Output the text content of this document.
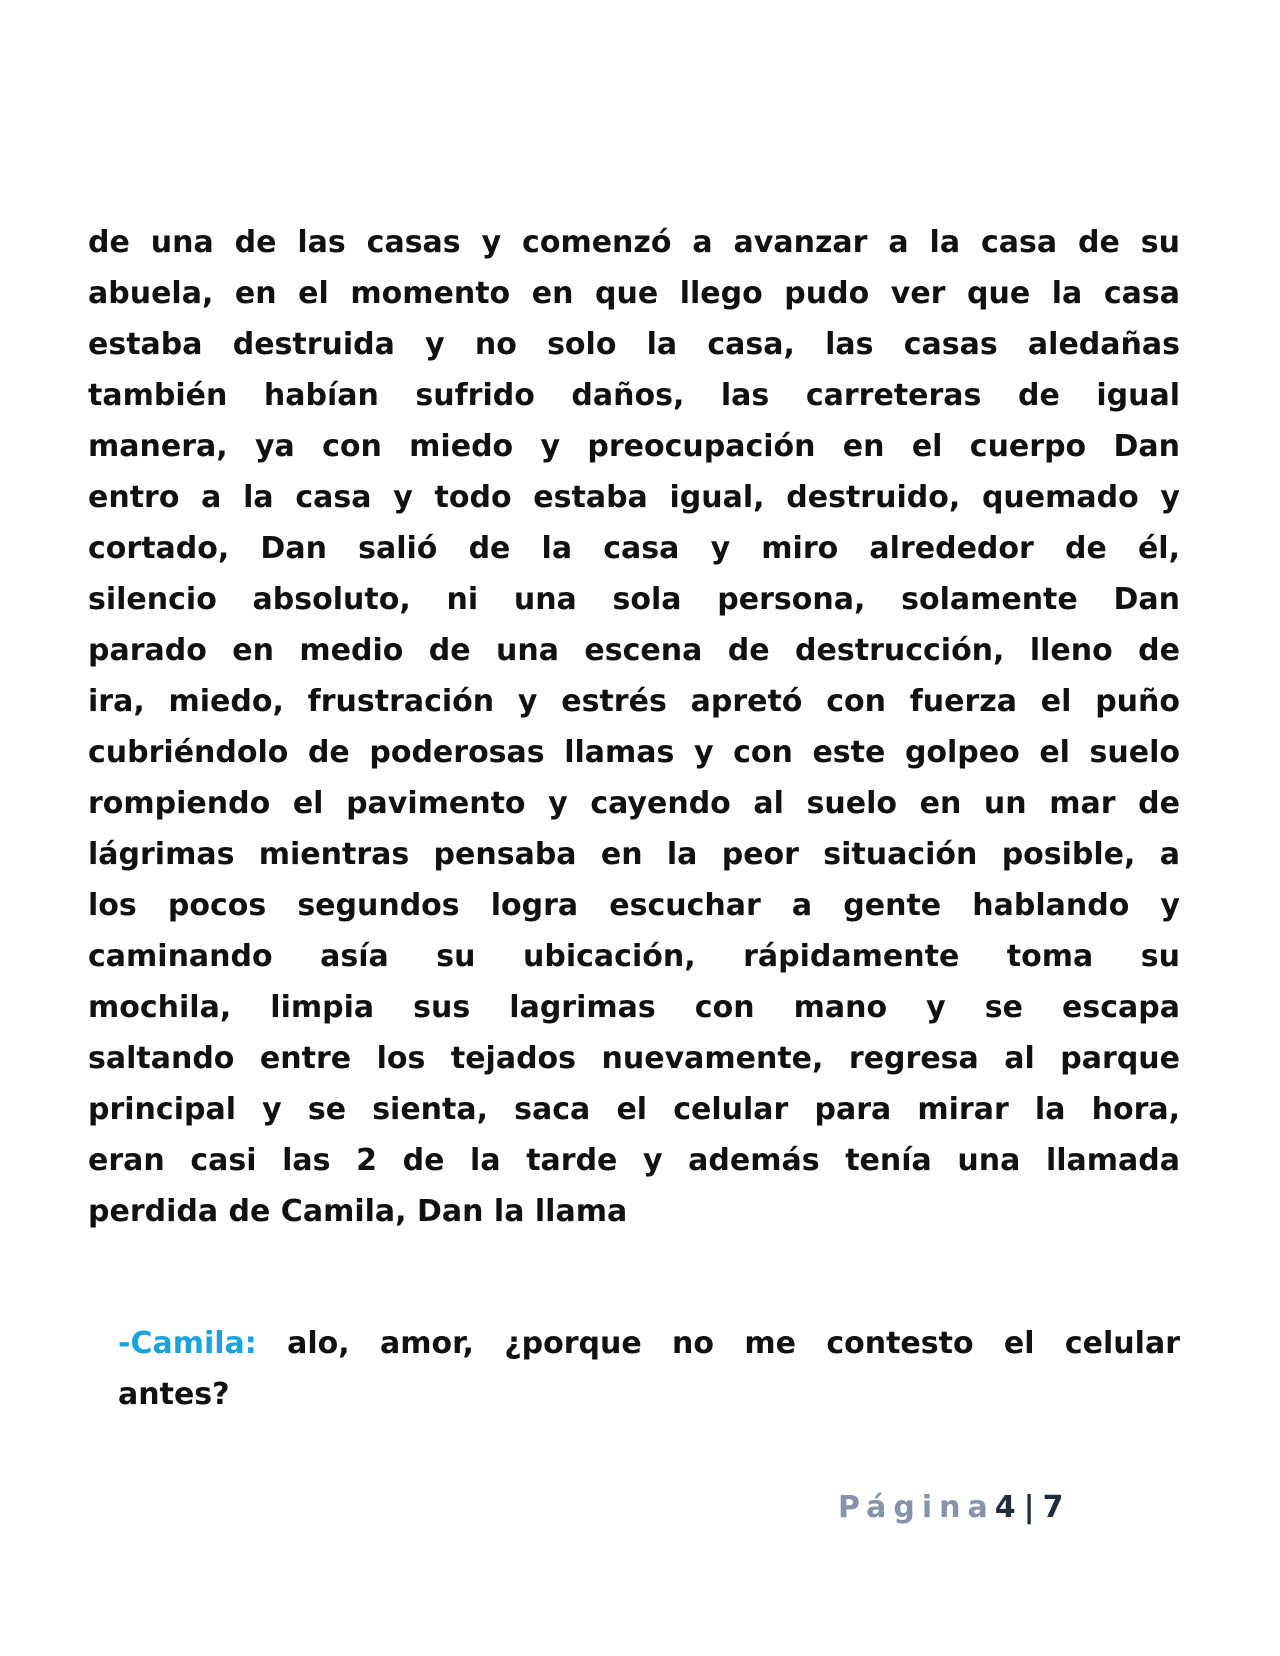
de una de las casas y comenzó a avanzar a la casa de su
abuela, en el momento en que llego pudo ver que la casa
estaba destruida y no solo la casa, las casas aledañas
también habían sufrido daños, las carreteras de igual
manera, ya con miedo y preocupación en el cuerpo Dan
entro a la casa y todo estaba igual, destruido, quemado y
cortado, Dan salió de la casa y miro alrededor de él,
silencio absoluto, ni una sola persona, solamente Dan
parado en medio de una escena de destrucción, lleno de
ira, miedo, frustración y estrés apretó con fuerza el puño
cubriéndolo de poderosas llamas y con este golpeo el suelo
rompiendo el pavimento y cayendo al suelo en un mar de
lágrimas mientras pensaba en la peor situación posible, a
los pocos segundos logra escuchar a gente hablando y
caminando asía su ubicación, rápidamente toma su
mochila, limpia sus lagrimas con mano y se escapa
saltando entre los tejados nuevamente, regresa al parque
principal y se sienta, saca el celular para mirar la hora,
eran casi las 2 de la tarde y además tenía una llamada
perdida de Camila, Dan la llama
-Camila: alo, amor, ¿porque no me contesto el celular
antes?
Página4 | 7
